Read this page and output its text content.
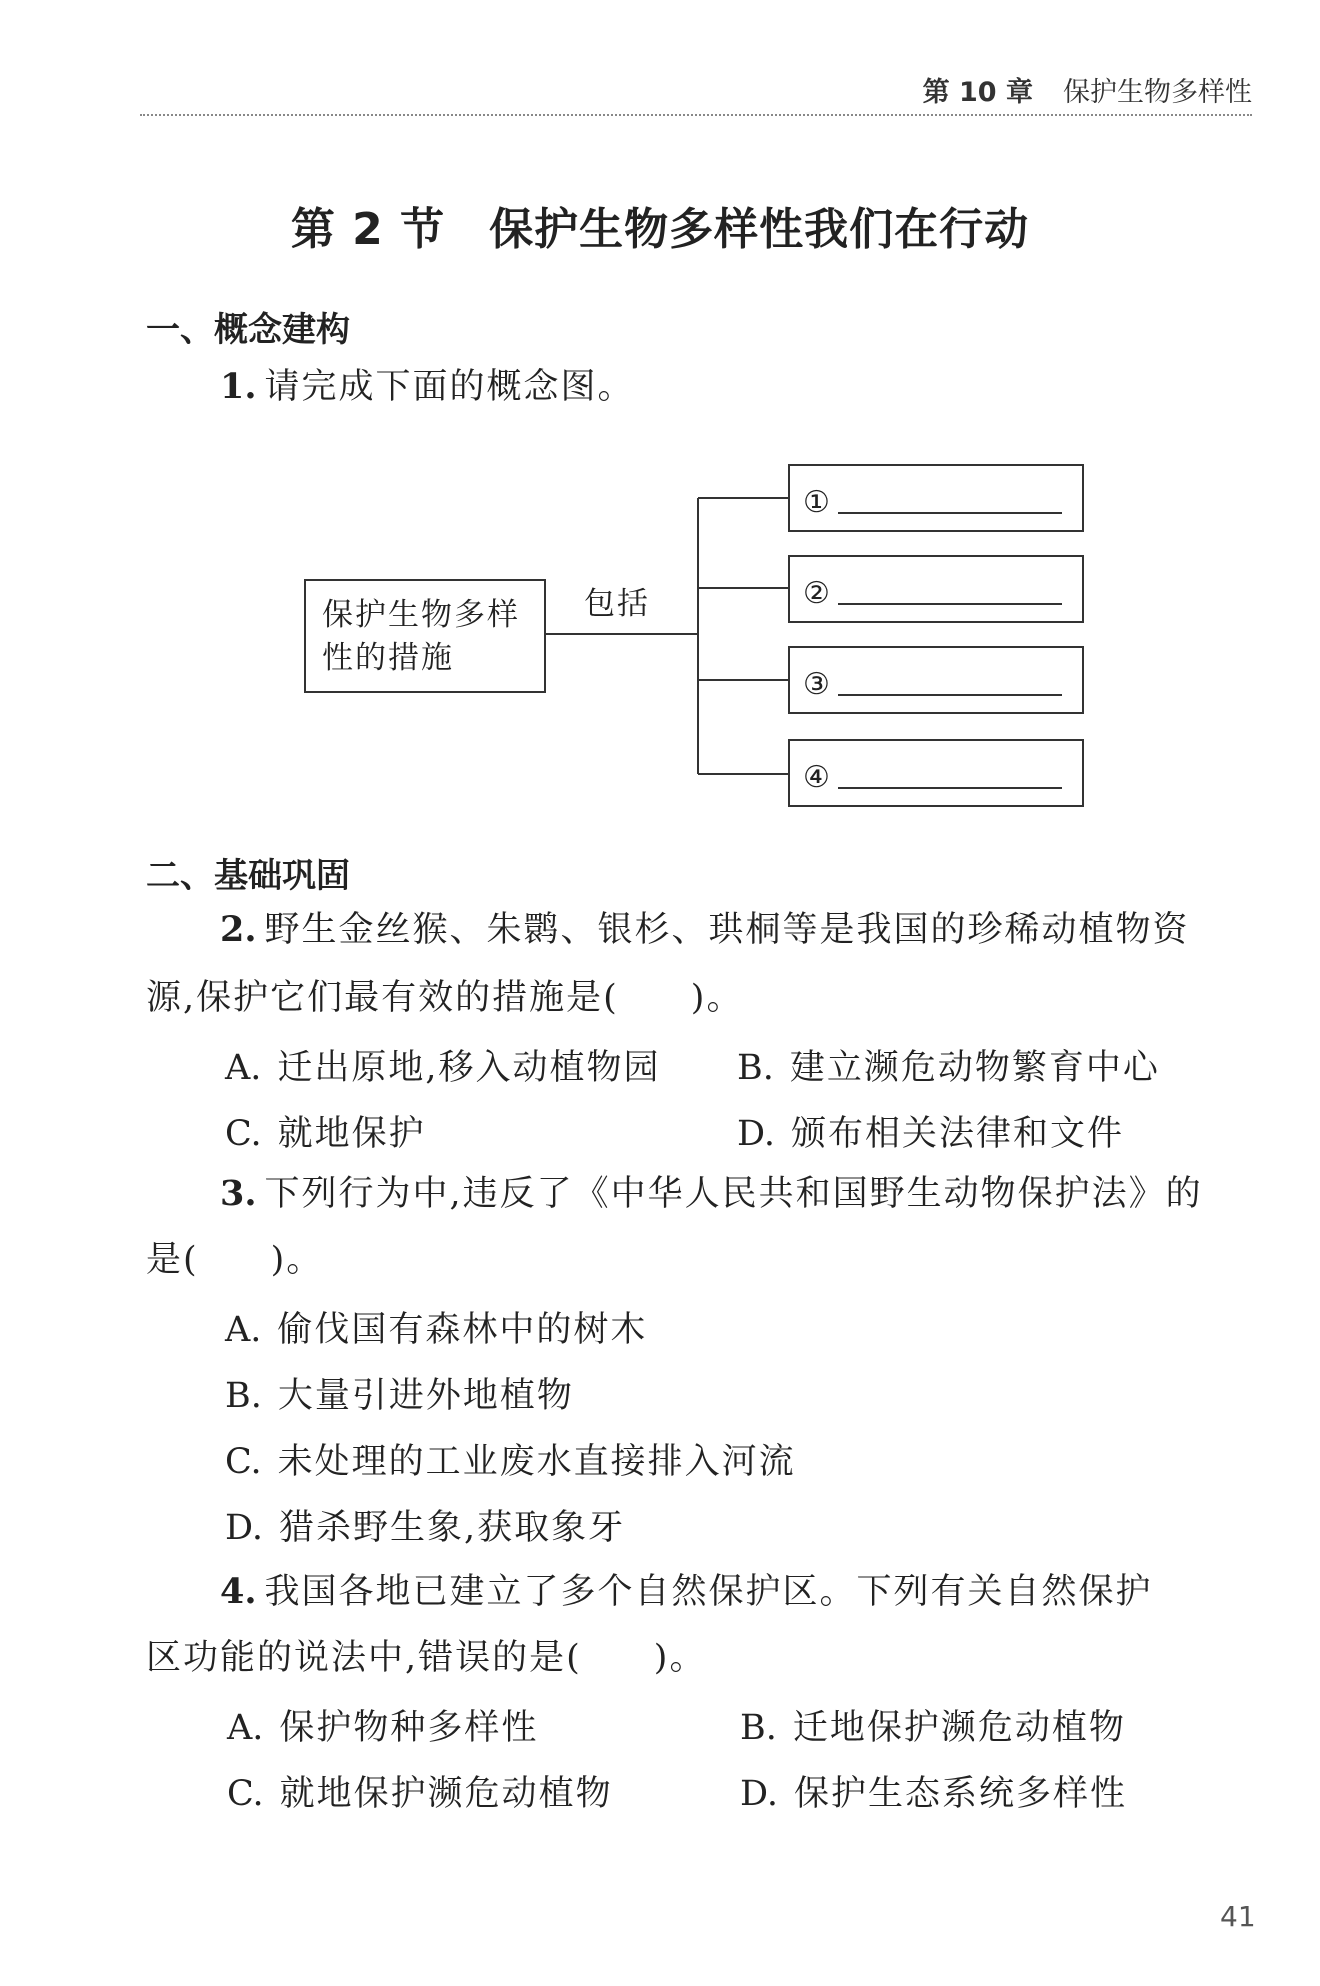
第 10 章 保护生物多样性
第 2 节 保护生物多样性我们在行动
一、概念建构
1. 请完成下面的概念图。
保护生物多样
性的措施
包括
①
②
③
④
二、基础巩固
2. 野生金丝猴、朱鹮、银杉、珙桐等是我国的珍稀动植物资
源,保护它们最有效的措施是( )。
A. 迁出原地,移入动植物园 B. 建立濒危动物繁育中心
C. 就地保护	D. 颁布相关法律和文件
3. 下列行为中,违反了《中华人民共和国野生动物保护法》的
是( )。
A. 偷伐国有森林中的树木
B. 大量引进外地植物
C. 未处理的工业废水直接排入河流
D. 猎杀野生象,获取象牙
4. 我国各地已建立了多个自然保护区。下列有关自然保护
区功能的说法中,错误的是( )。
A. 保护物种多样性	B. 迁地保护濒危动植物
C. 就地保护濒危动植物	D. 保护生态系统多样性
41
